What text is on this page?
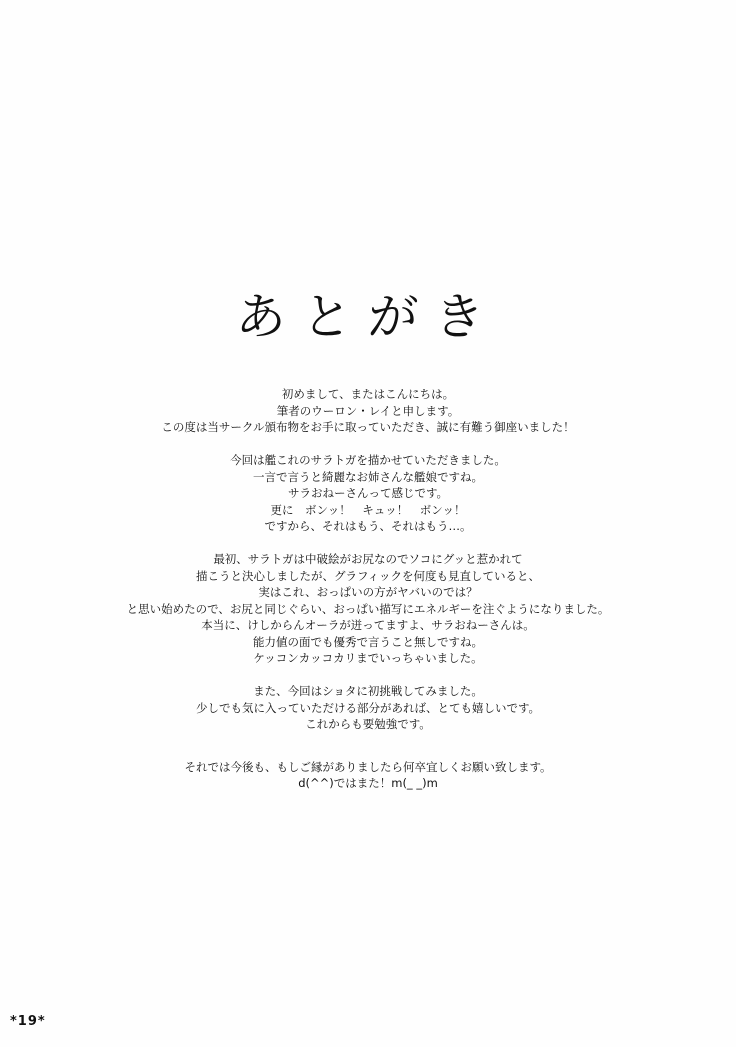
あとがき

初めまして、またはこんにちは。

筆者のウーロン・レイと申します。

この度は当サークル頒布物をお手に取っていただき、誠に有難う御座いました！

今回は艦これのサラトガを描かせていただきました。

一言で言うと綺麗なお姉さんな艦娘ですね。

サラおねーさんって感じです。

更に　ボンッ！　キュッ！　ボンッ！

ですから、それはもう、それはもう…。

最初、サラトガは中破絵がお尻なのでソコにグッと惹かれて

描こうと決心しましたが、グラフィックを何度も見直していると、

実はこれ、おっぱいの方がヤバいのでは？

と思い始めたので、お尻と同じぐらい、おっぱい描写にエネルギーを注ぐようになりました。

本当に、けしからんオーラが迸ってますよ、サラおねーさんは。

能力値の面でも優秀で言うこと無しですね。

ケッコンカッコカリまでいっちゃいました。

また、今回はショタに初挑戦してみました。

少しでも気に入っていただける部分があれば、とても嬉しいです。

これからも要勉強です。

それでは今後も、もしご縁がありましたら何卒宜しくお願い致します。

d(^^)ではまた！m(_ _)m

*19*
